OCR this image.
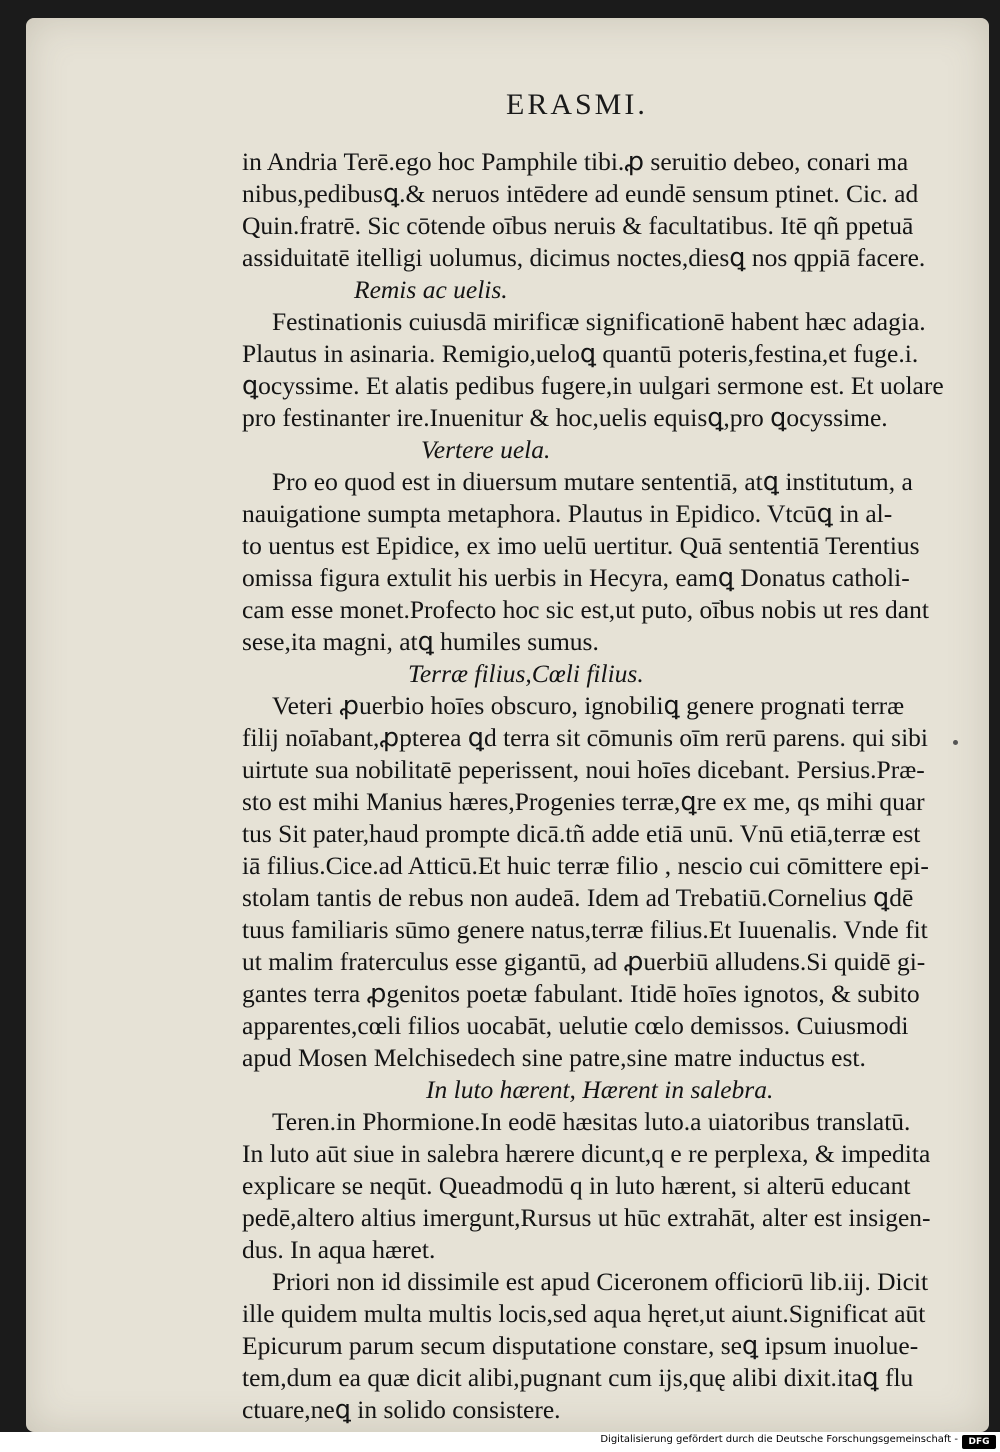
ERASMI.
in Andria Terē.ego hoc Pamphile tibi.ꝓ seruitio debeo, conari ma
nibus,pedibusꝗ.& neruos intēdere ad eundē sensum ptinet. Cic. ad
Quin.fratrē. Sic cōtende oībus neruis & facultatibus. Itē qñ ppetuā
assiduitatē itelligi uolumus, dicimus noctes,diesꝗ nos qppiā facere.
Remis ac uelis.
Festinationis cuiusdā mirificæ significationē habent hæc adagia.
Plautus in asinaria. Remigio,ueloꝗ quantū poteris,festina,et fuge.i.
ꝗocyssime. Et alatis pedibus fugere,in uulgari sermone est. Et uolare
pro festinanter ire.Inuenitur & hoc,uelis equisꝗ,pro ꝗocyssime.
Vertere uela.
Pro eo quod est in diuersum mutare sententiā, atꝗ institutum, a
nauigatione sumpta metaphora. Plautus in Epidico. Vtcūꝗ in al-
to uentus est Epidice, ex imo uelū uertitur. Quā sententiā Terentius
omissa figura extulit his uerbis in Hecyra, eamꝗ Donatus catholi-
cam esse monet.Profecto hoc sic est,ut puto, oībus nobis ut res dant
sese,ita magni, atꝗ humiles sumus.
Terræ filius,Cœli filius.
Veteri ꝓuerbio hoīes obscuro, ignobiliꝗ genere prognati terræ
filij noīabant,ꝓpterea ꝗd terra sit cōmunis oīm rerū parens. qui sibi
uirtute sua nobilitatē peperissent, noui hoīes dicebant. Persius.Præ-
sto est mihi Manius hæres,Progenies terræ,ꝗre ex me, qs mihi quar
tus Sit pater,haud prompte dicā.tñ adde etiā unū. Vnū etiā,terræ est
iā filius.Cice.ad Atticū.Et huic terræ filio , nescio cui cōmittere epi-
stolam tantis de rebus non audeā. Idem ad Trebatiū.Cornelius ꝗdē
tuus familiaris sūmo genere natus,terræ filius.Et Iuuenalis. Vnde fit
ut malim fraterculus esse gigantū, ad ꝓuerbiū alludens.Si quidē gi-
gantes terra ꝓgenitos poetæ fabulant. Itidē hoīes ignotos, & subito
apparentes,cœli filios uocabāt, uelutie cœlo demissos. Cuiusmodi
apud Mosen Melchisedech sine patre,sine matre inductus est.
In luto hærent, Hærent in salebra.
Teren.in Phormione.In eodē hæsitas luto.a uiatoribus translatū.
In luto aūt siue in salebra hærere dicunt,q e re perplexa, & impedita
explicare se neqūt. Queadmodū q in luto hærent, si alterū educant
pedē,altero altius imergunt,Rursus ut hūc extrahāt, alter est insigen-
dus. In aqua hæret.
Priori non id dissimile est apud Ciceronem officiorū lib.iij. Dicit
ille quidem multa multis locis,sed aqua hęret,ut aiunt.Significat aūt
Epicurum parum secum disputatione constare, seꝗ ipsum inuolue-
tem,dum ea quæ dicit alibi,pugnant cum ijs,quę alibi dixit.itaꝗ flu
ctuare,neꝗ in solido consistere.
Digitalisierung gefördert durch die Deutsche Forschungsgemeinschaft -	DFG
